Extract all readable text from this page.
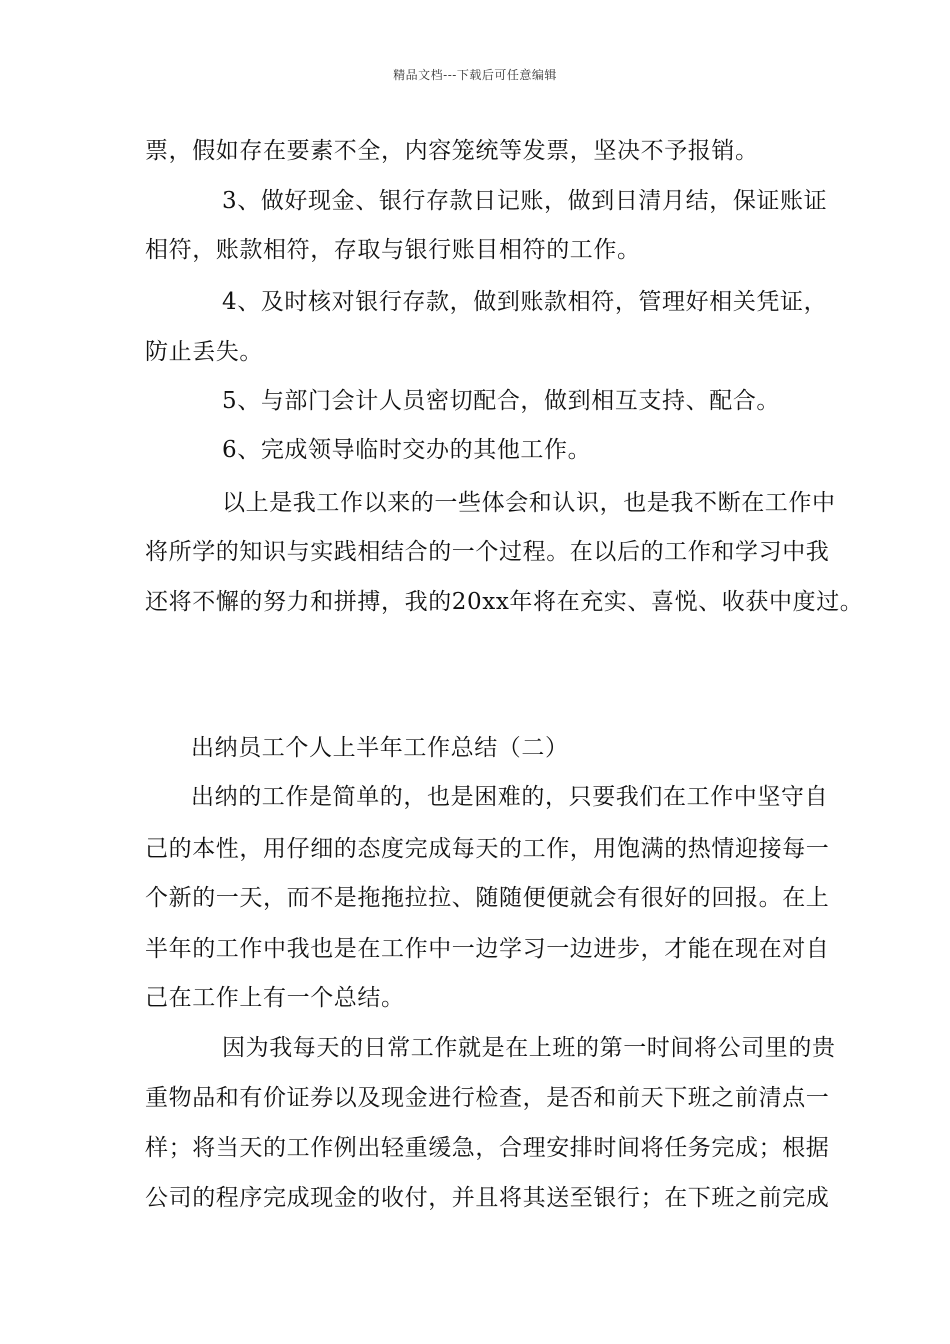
精品文档---下载后可任意编辑
票，假如存在要素不全，内容笼统等发票，坚决不予报销。
3、做好现金、银行存款日记账，做到日清月结，保证账证
相符，账款相符，存取与银行账目相符的工作。
4、及时核对银行存款，做到账款相符，管理好相关凭证，
防止丢失。
5、与部门会计人员密切配合，做到相互支持、配合。
6、完成领导临时交办的其他工作。
以上是我工作以来的一些体会和认识，也是我不断在工作中
将所学的知识与实践相结合的一个过程。在以后的工作和学习中我
还将不懈的努力和拼搏，我的20xx年将在充实、喜悦、收获中度过。
出纳员工个人上半年工作总结（二）
出纳的工作是简单的，也是困难的，只要我们在工作中坚守自
己的本性，用仔细的态度完成每天的工作，用饱满的热情迎接每一
个新的一天，而不是拖拖拉拉、随随便便就会有很好的回报。在上
半年的工作中我也是在工作中一边学习一边进步，才能在现在对自
己在工作上有一个总结。
因为我每天的日常工作就是在上班的第一时间将公司里的贵
重物品和有价证券以及现金进行检查，是否和前天下班之前清点一
样；将当天的工作例出轻重缓急，合理安排时间将任务完成；根据
公司的程序完成现金的收付，并且将其送至银行；在下班之前完成
